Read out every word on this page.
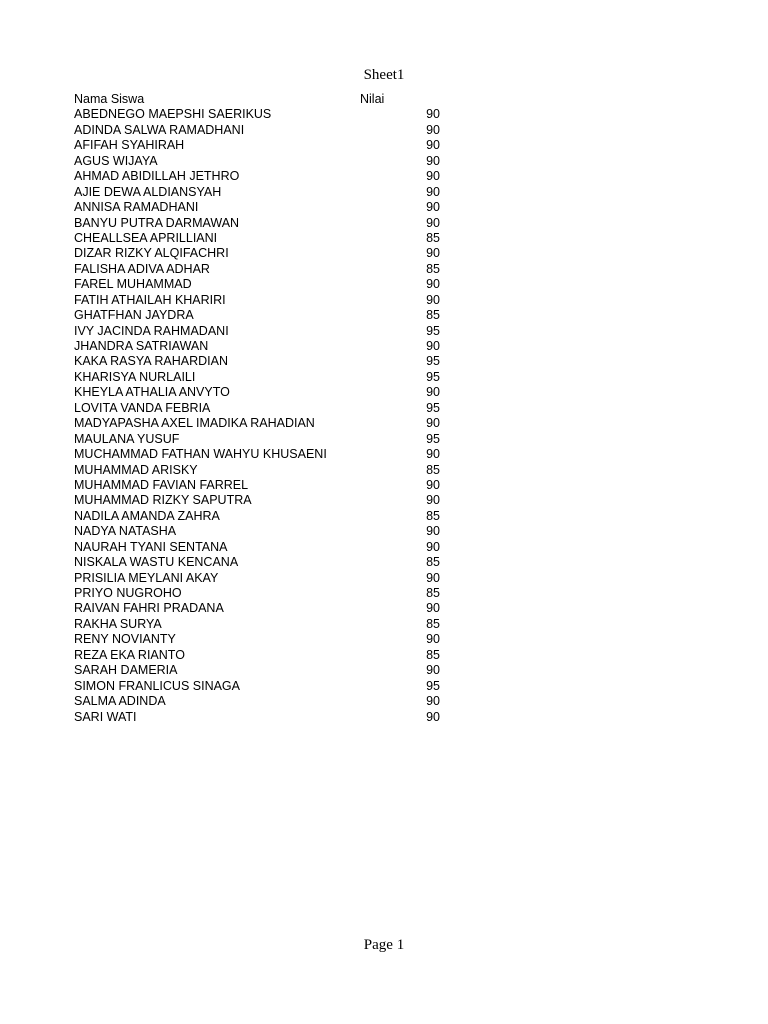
Sheet1
Nama Siswa	Nilai
ABEDNEGO MAEPSHI SAERIKUS	90
ADINDA SALWA RAMADHANI	90
AFIFAH SYAHIRAH	90
AGUS WIJAYA	90
AHMAD ABIDILLAH JETHRO	90
AJIE DEWA ALDIANSYAH	90
ANNISA RAMADHANI	90
BANYU PUTRA DARMAWAN	90
CHEALLSEA APRILLIANI	85
DIZAR RIZKY ALQIFACHRI	90
FALISHA ADIVA ADHAR	85
FAREL MUHAMMAD	90
FATIH ATHAILAH KHARIRI	90
GHATFHAN JAYDRA	85
IVY JACINDA RAHMADANI	95
JHANDRA SATRIAWAN	90
KAKA RASYA RAHARDIAN	95
KHARISYA NURLAILI	95
KHEYLA ATHALIA ANVYTO	90
LOVITA VANDA FEBRIA	95
MADYAPASHA AXEL IMADIKA RAHADIAN	90
MAULANA YUSUF	95
MUCHAMMAD FATHAN WAHYU KHUSAENI	90
MUHAMMAD ARISKY	85
MUHAMMAD FAVIAN FARREL	90
MUHAMMAD RIZKY SAPUTRA	90
NADILA AMANDA ZAHRA	85
NADYA NATASHA	90
NAURAH TYANI SENTANA	90
NISKALA WASTU KENCANA	85
PRISILIA MEYLANI AKAY	90
PRIYO NUGROHO	85
RAIVAN FAHRI PRADANA	90
RAKHA SURYA	85
RENY NOVIANTY	90
REZA EKA RIANTO	85
SARAH DAMERIA	90
SIMON FRANLICUS SINAGA	95
SALMA ADINDA	90
SARI WATI	90
Page 1
